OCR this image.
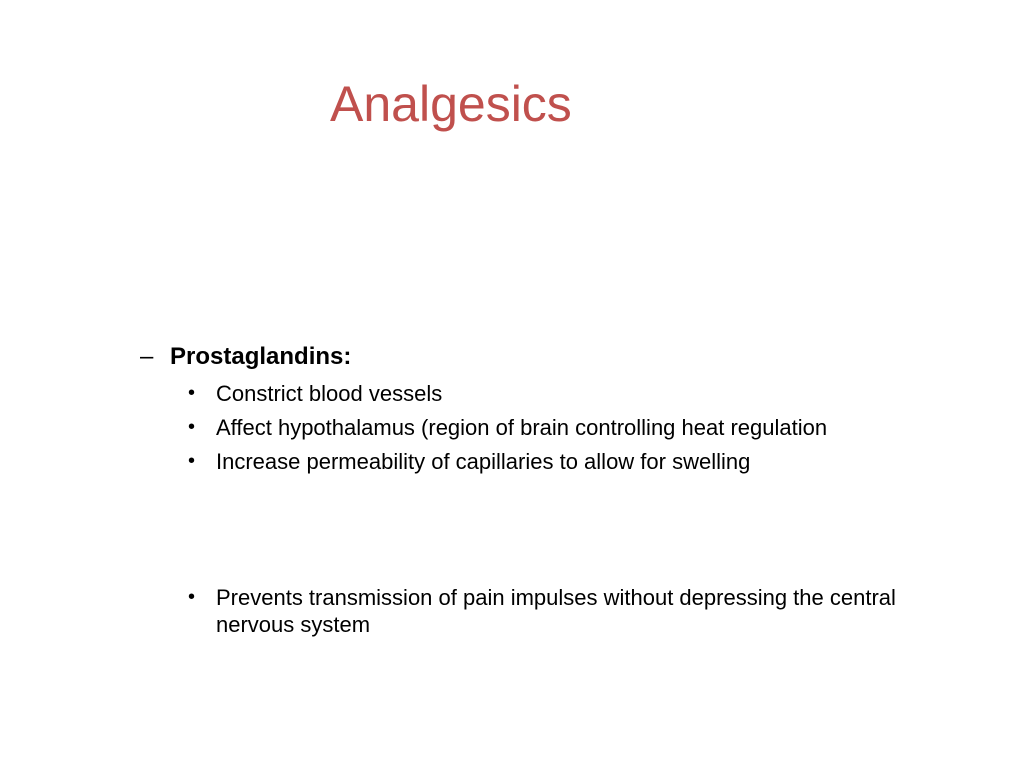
Analgesics
– Prostaglandins:
• Constrict blood vessels
• Affect hypothalamus (region of brain controlling heat regulation
• Increase permeability of capillaries to allow for swelling
• Prevents transmission of pain impulses without depressing the central nervous system
